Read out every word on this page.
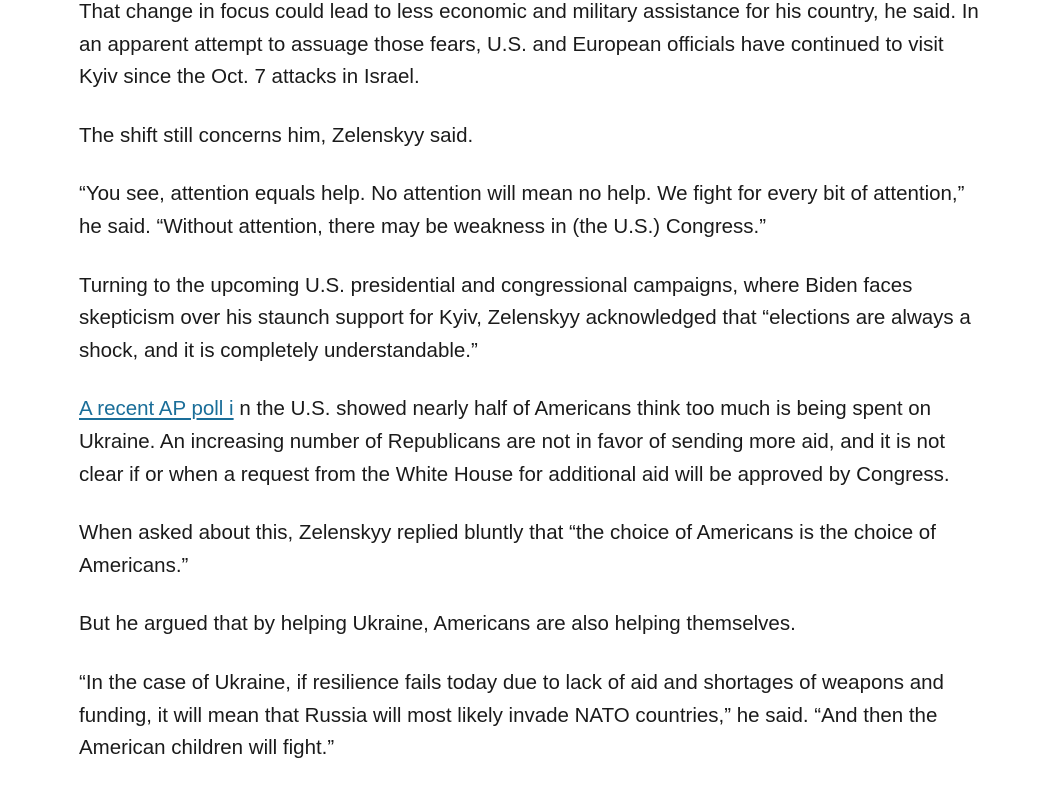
That change in focus could lead to less economic and military assistance for his country, he said. In an apparent attempt to assuage those fears, U.S. and European officials have continued to visit Kyiv since the Oct. 7 attacks in Israel.

The shift still concerns him, Zelenskyy said.

“You see, attention equals help. No attention will mean no help. We fight for every bit of attention,” he said. “Without attention, there may be weakness in (the U.S.) Congress.”

Turning to the upcoming U.S. presidential and congressional campaigns, where Biden faces skepticism over his staunch support for Kyiv, Zelenskyy acknowledged that “elections are always a shock, and it is completely understandable.”

A recent AP poll i n the U.S. showed nearly half of Americans think too much is being spent on Ukraine. An increasing number of Republicans are not in favor of sending more aid, and it is not clear if or when a request from the White House for additional aid will be approved by Congress.

When asked about this, Zelenskyy replied bluntly that “the choice of Americans is the choice of Americans.”

But he argued that by helping Ukraine, Americans are also helping themselves.

“In the case of Ukraine, if resilience fails today due to lack of aid and shortages of weapons and funding, it will mean that Russia will most likely invade NATO countries,” he said. “And then the American children will fight.”
